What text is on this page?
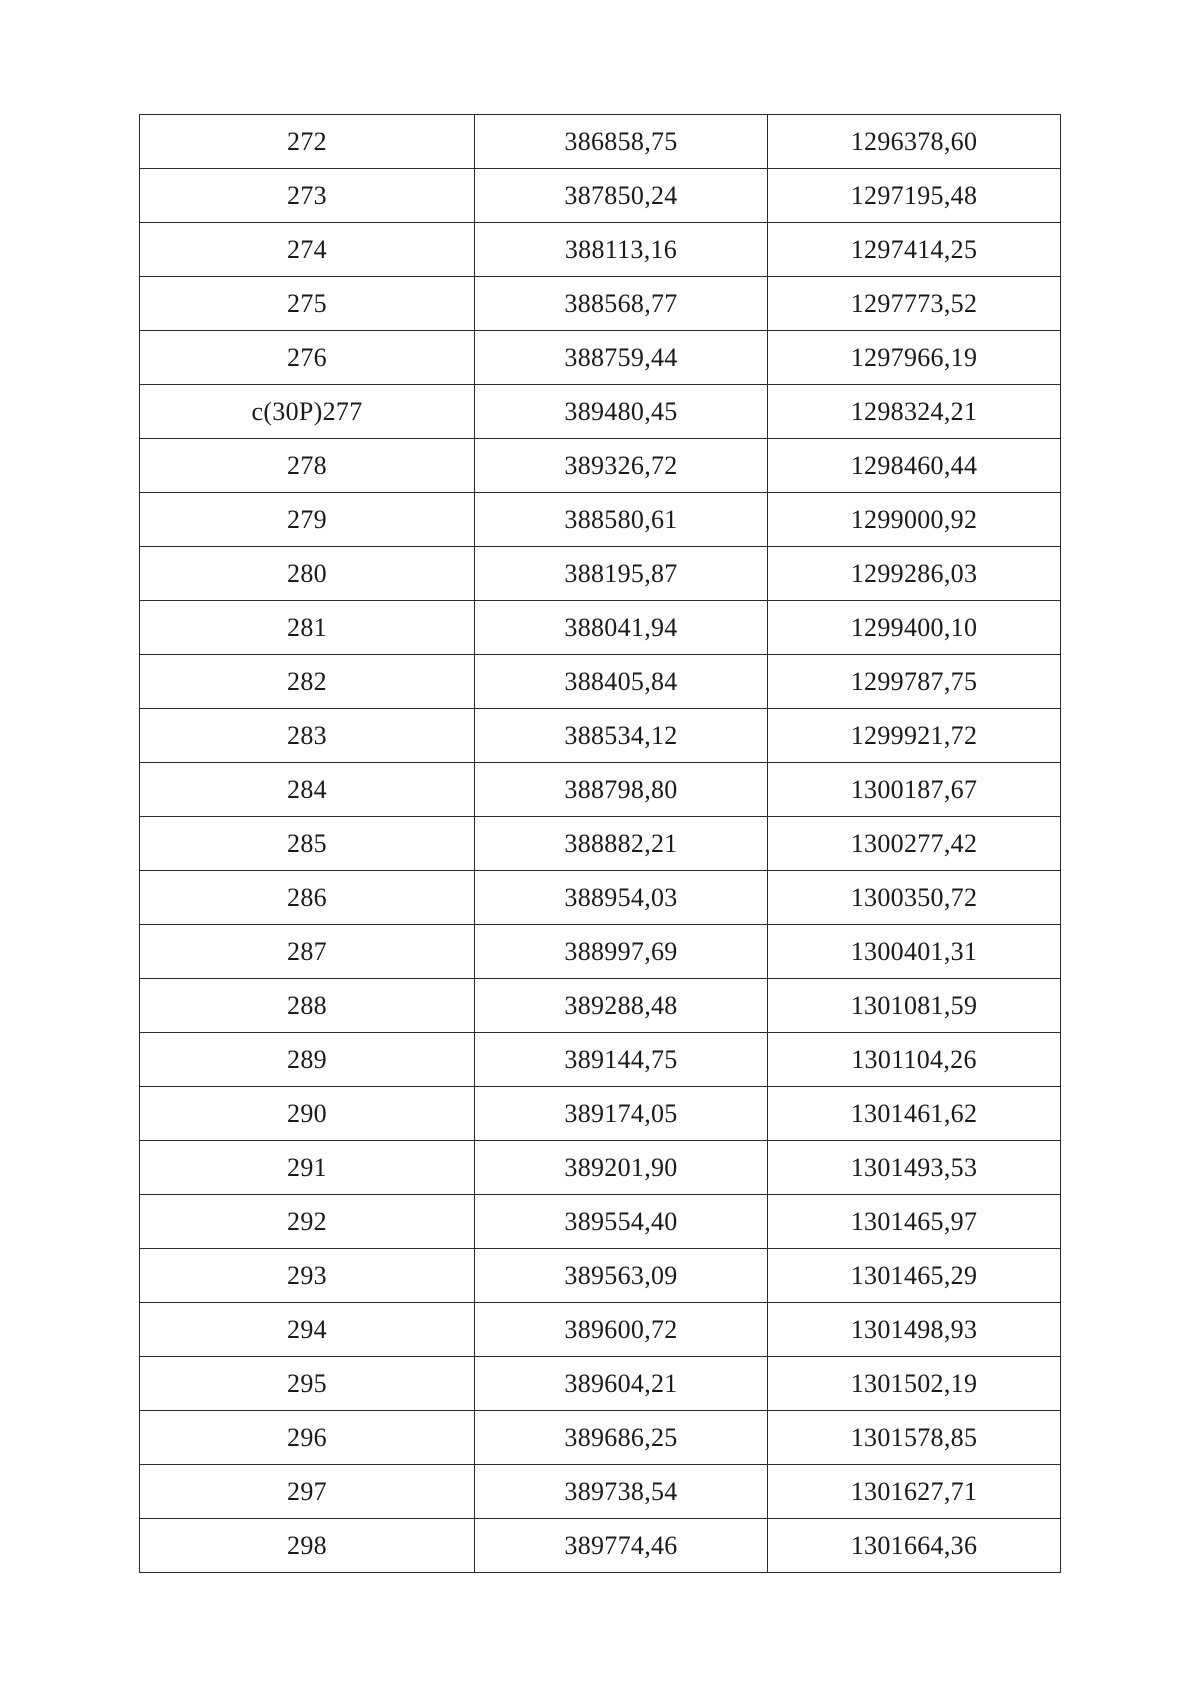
272	386858,75	1296378,60
273	387850,24	1297195,48
274	388113,16	1297414,25
275	388568,77	1297773,52
276	388759,44	1297966,19
с(30Р)277	389480,45	1298324,21
278	389326,72	1298460,44
279	388580,61	1299000,92
280	388195,87	1299286,03
281	388041,94	1299400,10
282	388405,84	1299787,75
283	388534,12	1299921,72
284	388798,80	1300187,67
285	388882,21	1300277,42
286	388954,03	1300350,72
287	388997,69	1300401,31
288	389288,48	1301081,59
289	389144,75	1301104,26
290	389174,05	1301461,62
291	389201,90	1301493,53
292	389554,40	1301465,97
293	389563,09	1301465,29
294	389600,72	1301498,93
295	389604,21	1301502,19
296	389686,25	1301578,85
297	389738,54	1301627,71
298	389774,46	1301664,36
